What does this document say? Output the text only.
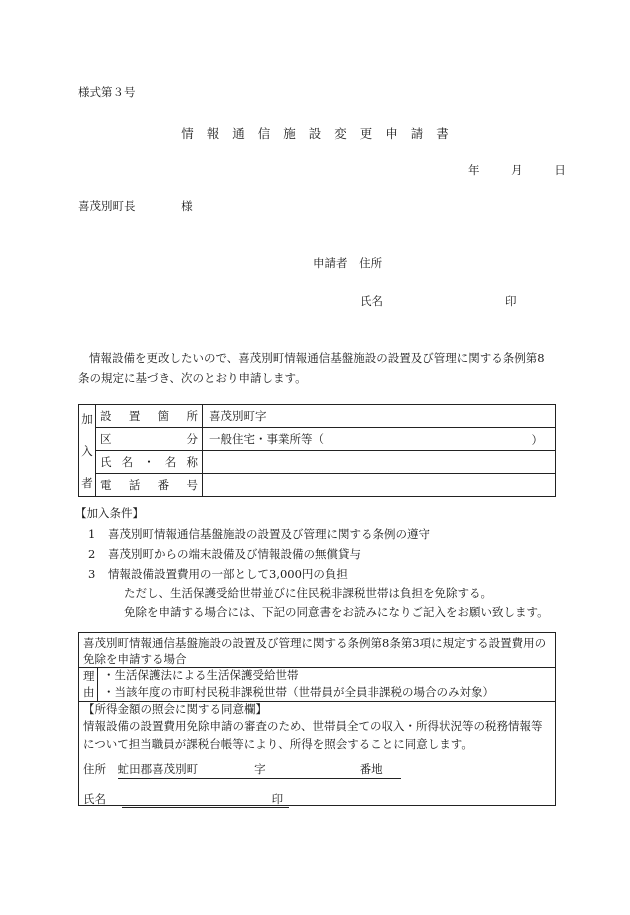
様式第３号
情報通信施設変更申請書
年	月	日
喜茂別町長	様
申請者 住所
氏名	印
情報設備を更改したいので、喜茂別町情報通信基盤施設の設置及び管理に関する条例第8条の規定に基づき、次のとおり申請します。
加
入
者	設 置 箇 所	喜茂別町字

	区 分	一般住宅・事業所等（ ）

	氏 名 ・ 名 称	

	電 話 番 号	

【加入条件】
1 喜茂別町情報通信基盤施設の設置及び管理に関する条例の遵守
2 喜茂別町からの端末設備及び情報設備の無償貸与
3 情報設備設置費用の一部として3,000円の負担
ただし、生活保護受給世帯並びに住民税非課税世帯は負担を免除する。
免除を申請する場合には、下記の同意書をお読みになりご記入をお願い致します。
喜茂別町情報通信基盤施設の設置及び管理に関する条例第8条第3項に規定する設置費用の免除を申請する場合
理
由
・生活保護法による生活保護受給世帯
・当該年度の市町村民税非課税世帯（世帯員が全員非課税の場合のみ対象）
【所得金額の照会に関する同意欄】
情報設備の設置費用免除申請の審査のため、世帯員全ての収入・所得状況等の税務情報等について担当職員が課税台帳等により、所得を照会することに同意します。
住所 虻田郡喜茂別町	字	番地
氏名	印
